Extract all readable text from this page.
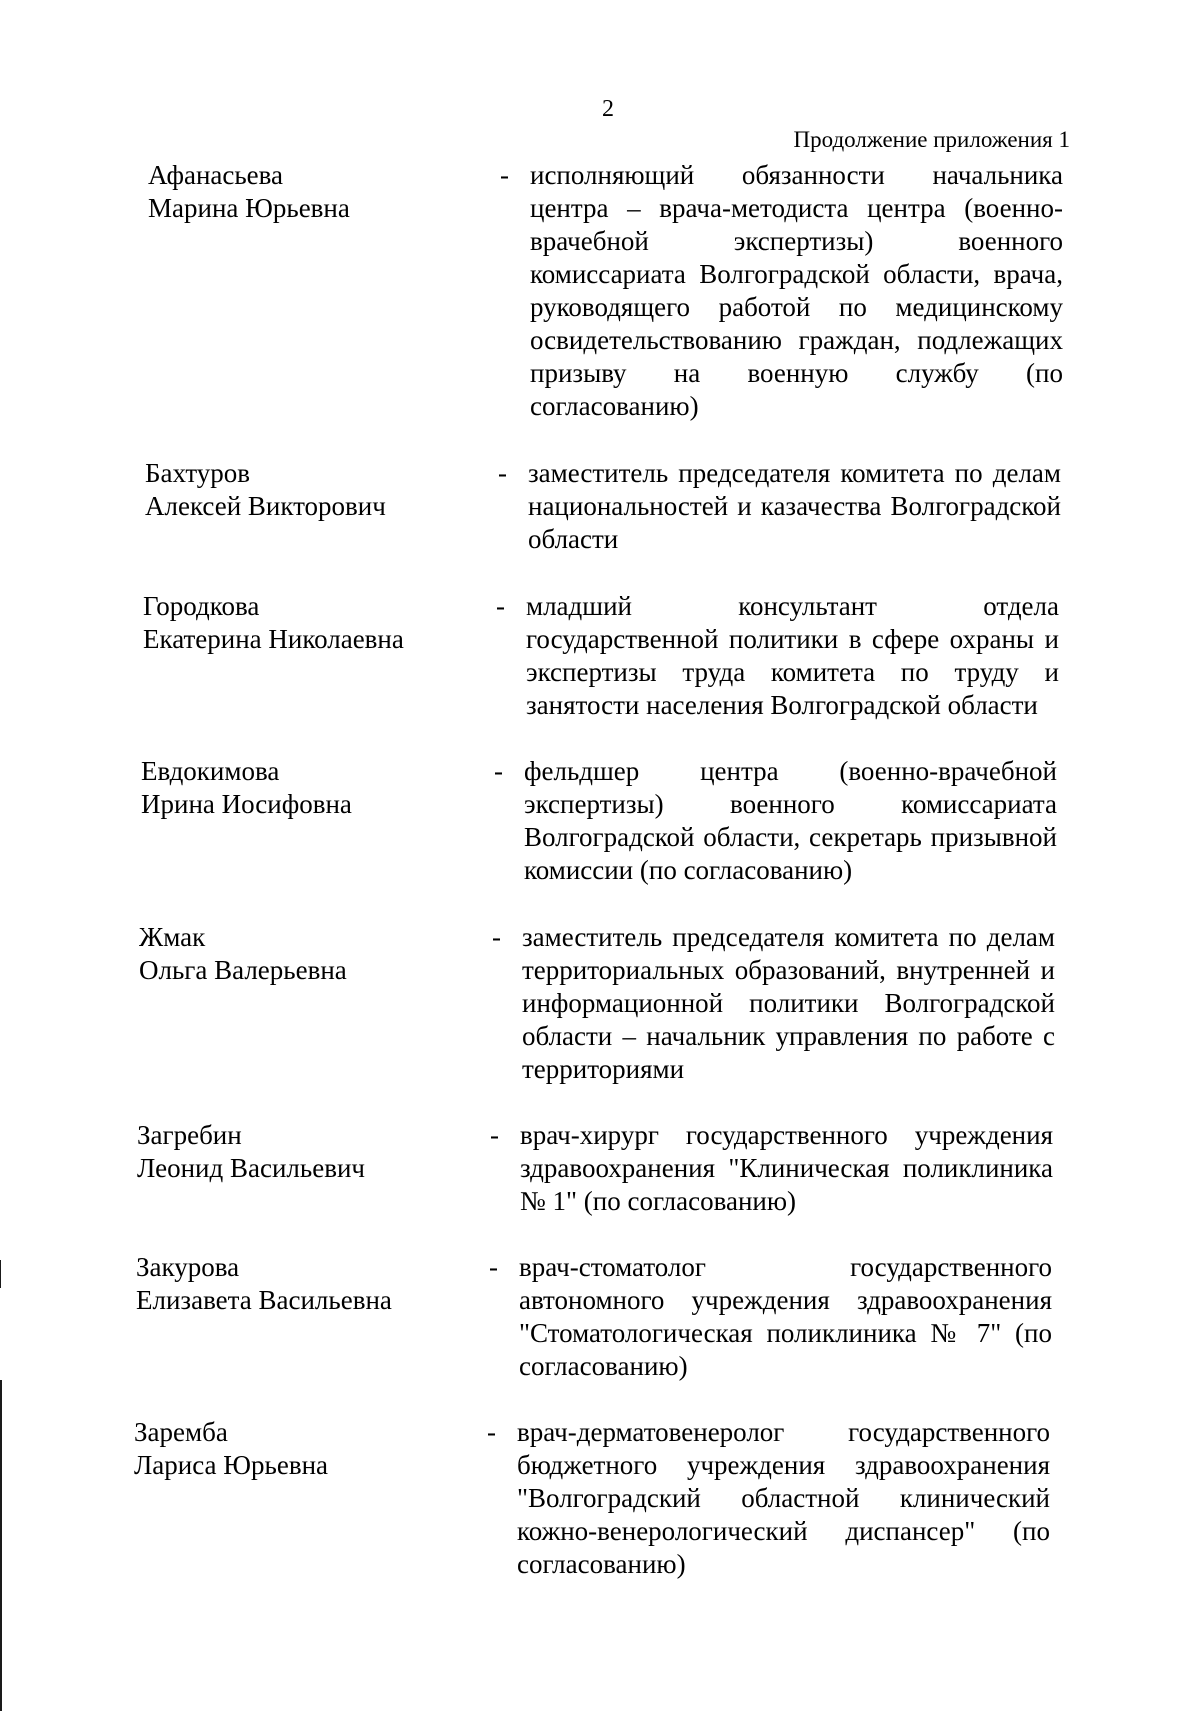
2
Продолжение приложения 1
Афанасьева
Марина Юрьевна
- исполняющий обязанности начальника центра – врача-методиста центра (военно-врачебной экспертизы) военного комиссариата Волгоградской области, врача, руководящего работой по медицинскому освидетельствованию граждан, подлежащих призыву на военную службу (по согласованию)
Бахтуров
Алексей Викторович
- заместитель председателя комитета по делам национальностей и казачества Волгоградской области
Городкова
Екатерина Николаевна
- младший консультант отдела государственной политики в сфере охраны и экспертизы труда комитета по труду и занятости населения Волгоградской области
Евдокимова
Ирина Иосифовна
- фельдшер центра (военно-врачебной экспертизы) военного комиссариата Волгоградской области, секретарь призывной комиссии (по согласованию)
Жмак
Ольга Валерьевна
- заместитель председателя комитета по делам территориальных образований, внутренней и информационной политики Волгоградской области – начальник управления по работе с территориями
Загребин
Леонид Васильевич
- врач-хирург государственного учреждения здравоохранения "Клиническая поликлиника № 1" (по согласованию)
Закурова
Елизавета Васильевна
- врач-стоматолог государственного автономного учреждения здравоохранения "Стоматологическая поликлиника № 7" (по согласованию)
Заремба
Лариса Юрьевна
- врач-дерматовенеролог государственного бюджетного учреждения здравоохранения "Волгоградский областной клинический кожно-венерологический диспансер" (по согласованию)
